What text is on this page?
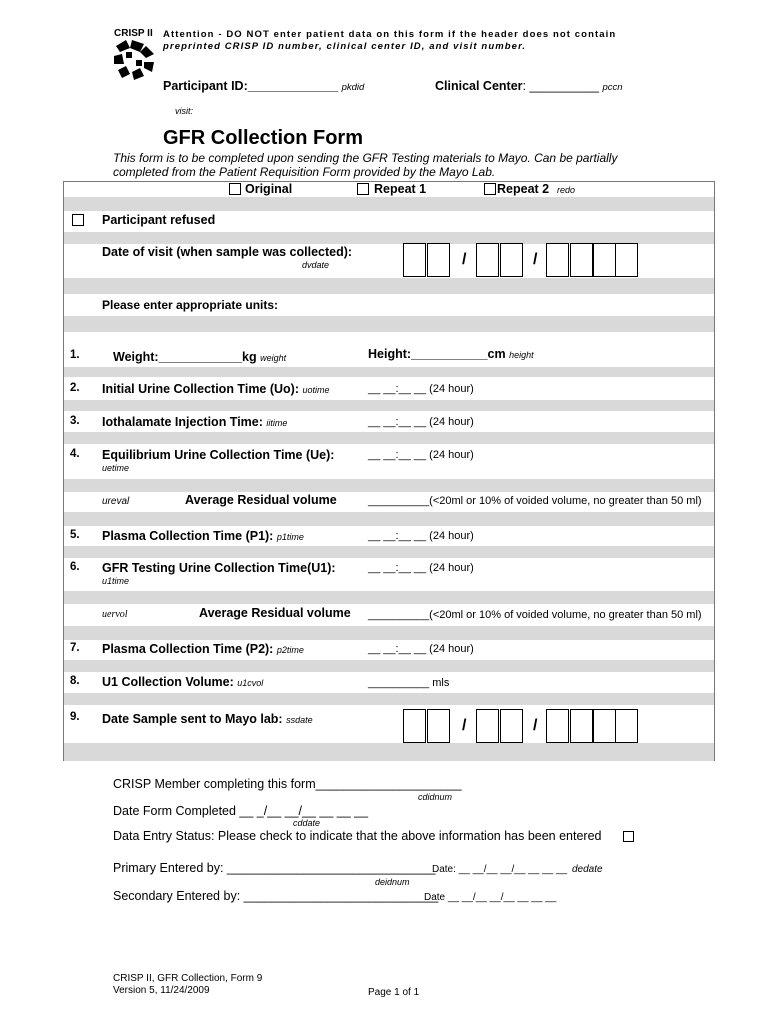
CRISP II Attention - DO NOT enter patient data on this form if the header does not contain
preprinted CRISP ID number, clinical center ID, and visit number.
Participant ID:_____________ pkdid	Clinical Center: __________ pccn
visit:
GFR Collection Form
This form is to be completed upon sending the GFR Testing materials to Mayo. Can be partially completed from the Patient Requisition Form provided by the Mayo Lab.
Original	Repeat 1	Repeat 2 redo
Participant refused
Date of visit (when sample was collected):
dvdate	/	/
Please enter appropriate units:
1.	Weight:____________kg weight	Height:___________cm height
2. Initial Urine Collection Time (Uo): uotime	__ __:__ __ (24 hour)
3. Iothalamate Injection Time: iitime	__ __:__ __ (24 hour)
4. Equilibrium Urine Collection Time (Ue):
uetime
__ __:__ __ (24 hour)
ureval	Average Residual volume	__________(<20ml or 10% of voided volume, no greater than 50 ml)
5. Plasma Collection Time (P1): p1time	__ __:__ __ (24 hour)
6. GFR Testing Urine Collection Time(U1):
u1time
__ __:__ __ (24 hour)
uervol	Average Residual volume __________(<20ml or 10% of voided volume, no greater than 50 ml)
7. Plasma Collection Time (P2): p2time	__ __:__ __ (24 hour)
8. U1 Collection Volume: u1cvol	__________ mls
9. Date Sample sent to Mayo lab: ssdate	/	/
CRISP Member completing this form_____________________
cdidnum
Date Form Completed __ _/__ __/__ __ __ __
cddate
Data Entry Status: Please check to indicate that the above information has been entered
Primary Entered by: ______________________________
Date: __ __/__ __/__ __ __ __ dedate
deidnum
Secondary Entered by: ____________________________
Date __ __/__ __/__ __ __ __
CRISP II, GFR Collection, Form 9
Version 5, 11/24/2009	Page 1 of 1
